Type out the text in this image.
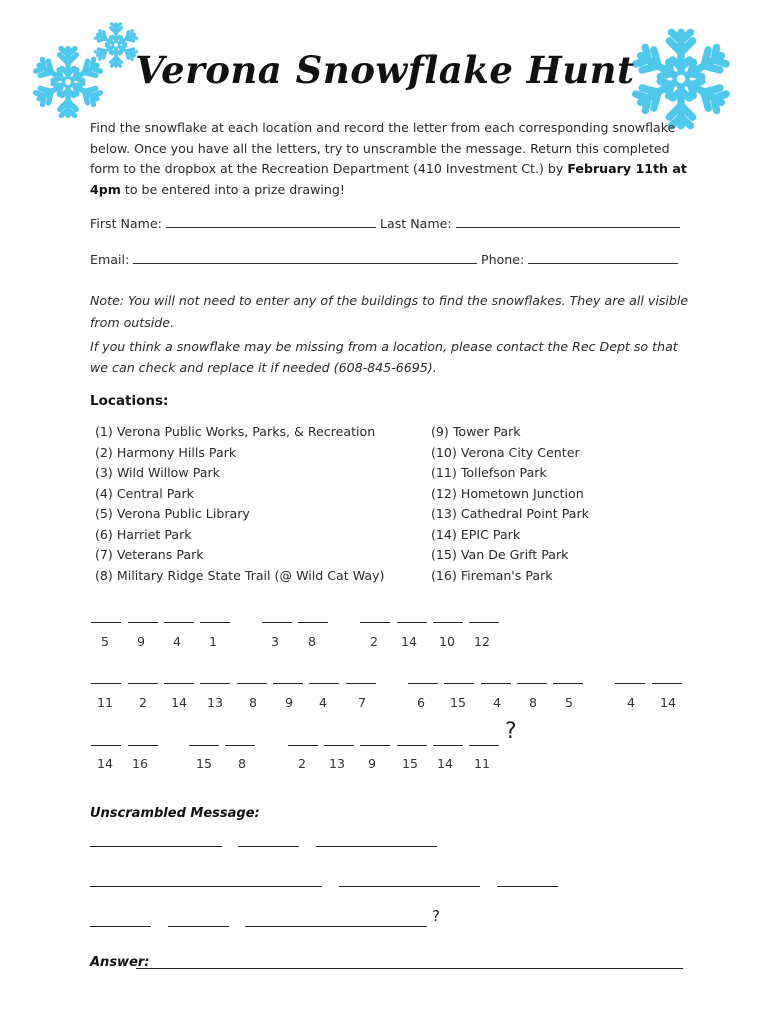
Verona Snowflake Hunt
Find the snowflake at each location and record the letter from each corresponding snowflake below. Once you have all the letters, try to unscramble the message. Return this completed form to the dropbox at the Recreation Department (410 Investment Ct.) by February 11th at 4pm to be entered into a prize drawing!
First Name:	Last Name:
Email:	Phone:
Note: You will not need to enter any of the buildings to find the snowflakes. They are all visible from outside.
If you think a snowflake may be missing from a location, please contact the Rec Dept so that we can check and replace it if needed (608-845-6695).
Locations:
(1) Verona Public Works, Parks, & Recreation
(2) Harmony Hills Park
(3) Wild Willow Park
(4) Central Park
(5) Verona Public Library
(6) Harriet Park
(7) Veterans Park
(8) Military Ridge State Trail (@ Wild Cat Way)
(9) Tower Park
(10) Verona City Center
(11) Tollefson Park
(12) Hometown Junction
(13) Cathedral Point Park
(14) EPIC Park
(15) Van De Grift Park
(16) Fireman's Park
5	9	4	1	3	8	2	14	10	12
11	2	14	13	8	9	4	7	6	15	4	8	5	4	14
?
14	16	15	8	2	13	9	15	14	11
Unscrambled Message:
?
Answer:
